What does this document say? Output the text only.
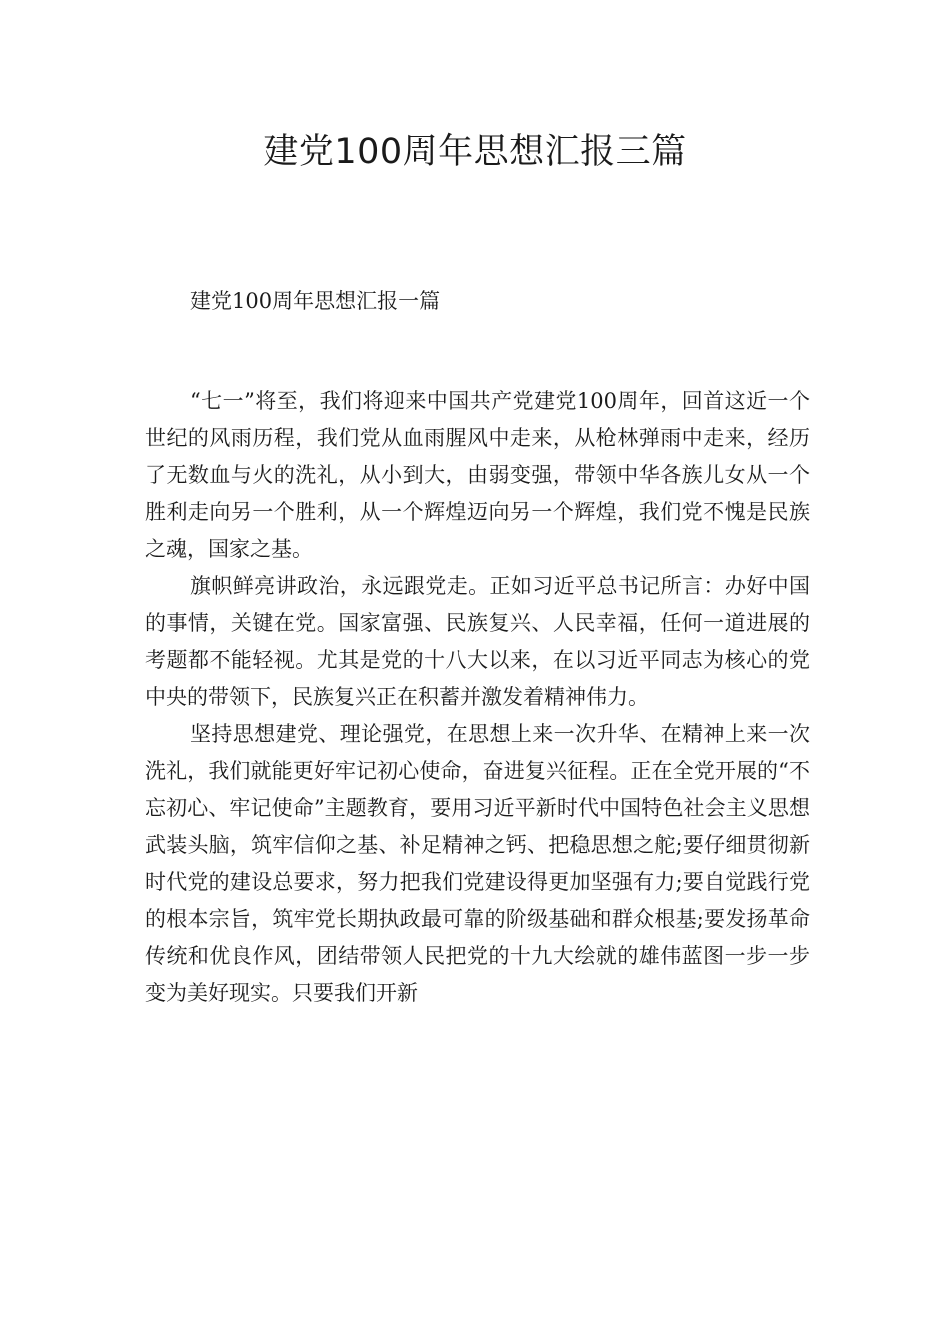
建党100周年思想汇报三篇
建党100周年思想汇报一篇

“七一”将至，我们将迎来中国共产党建党100周年，回首这近一个世纪的风雨历程，我们党从血雨腥风中走来，从枪林弹雨中走来，经历了无数血与火的洗礼，从小到大，由弱变强，带领中华各族儿女从一个胜利走向另一个胜利，从一个辉煌迈向另一个辉煌，我们党不愧是民族之魂，国家之基。

旗帜鲜亮讲政治，永远跟党走。正如习近平总书记所言：办好中国的事情，关键在党。国家富强、民族复兴、人民幸福，任何一道进展的考题都不能轻视。尤其是党的十八大以来，在以习近平同志为核心的党中央的带领下，民族复兴正在积蓄并激发着精神伟力。

坚持思想建党、理论强党，在思想上来一次升华、在精神上来一次洗礼，我们就能更好牢记初心使命，奋进复兴征程。正在全党开展的“不忘初心、牢记使命”主题教育，要用习近平新时代中国特色社会主义思想武装头脑，筑牢信仰之基、补足精神之钙、把稳思想之舵;要仔细贯彻新时代党的建设总要求，努力把我们党建设得更加坚强有力;要自觉践行党的根本宗旨，筑牢党长期执政最可靠的阶级基础和群众根基;要发扬革命传统和优良作风，团结带领人民把党的十九大绘就的雄伟蓝图一步一步变为美好现实。只要我们开新
